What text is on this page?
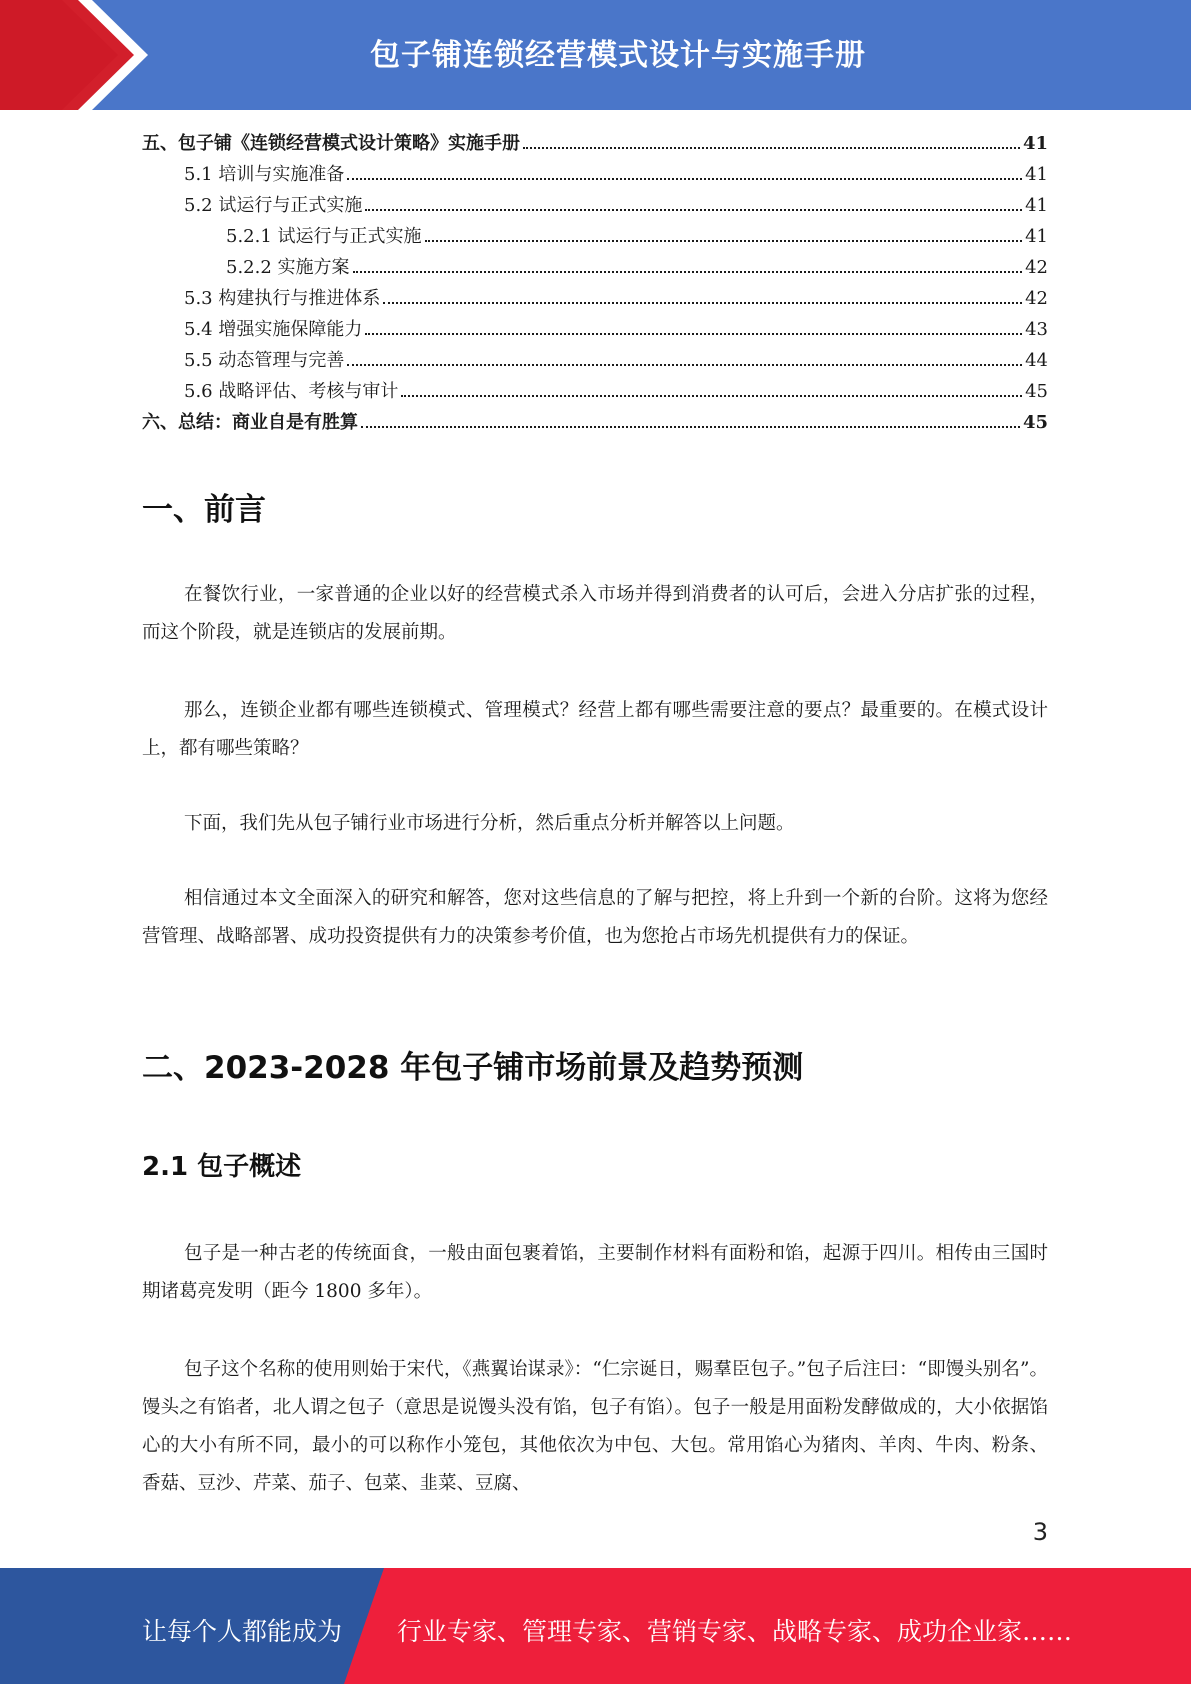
包子铺连锁经营模式设计与实施手册
五、包子铺《连锁经营模式设计策略》实施手册	41
5.1 培训与实施准备	41
5.2 试运行与正式实施	41
5.2.1 试运行与正式实施	41
5.2.2 实施方案	42
5.3 构建执行与推进体系	42
5.4 增强实施保障能力	43
5.5 动态管理与完善	44
5.6 战略评估、考核与审计	45
六、总结：商业自是有胜算	45
一、前言

在餐饮行业，一家普通的企业以好的经营模式杀入市场并得到消费者的认可后，会进入分店扩张的过程，而这个阶段，就是连锁店的发展前期。

那么，连锁企业都有哪些连锁模式、管理模式？经营上都有哪些需要注意的要点？最重要的。在模式设计上，都有哪些策略？

下面，我们先从包子铺行业市场进行分析，然后重点分析并解答以上问题。

相信通过本文全面深入的研究和解答，您对这些信息的了解与把控，将上升到一个新的台阶。这将为您经营管理、战略部署、成功投资提供有力的决策参考价值，也为您抢占市场先机提供有力的保证。

二、2023-2028 年包子铺市场前景及趋势预测
2.1 包子概述

包子是一种古老的传统面食，一般由面包裹着馅，主要制作材料有面粉和馅，起源于四川。相传由三国时期诸葛亮发明（距今 1800 多年）。

包子这个名称的使用则始于宋代，《燕翼诒谋录》：“仁宗诞日，赐羣臣包子。”包子后注曰：“即馒头别名”。馒头之有馅者，北人谓之包子（意思是说馒头没有馅，包子有馅）。包子一般是用面粉发酵做成的，大小依据馅心的大小有所不同，最小的可以称作小笼包，其他依次为中包、大包。常用馅心为猪肉、羊肉、牛肉、粉条、香菇、豆沙、芹菜、茄子、包菜、韭菜、豆腐、

3
让每个人都能成为 行业专家、管理专家、营销专家、战略专家、成功企业家……
